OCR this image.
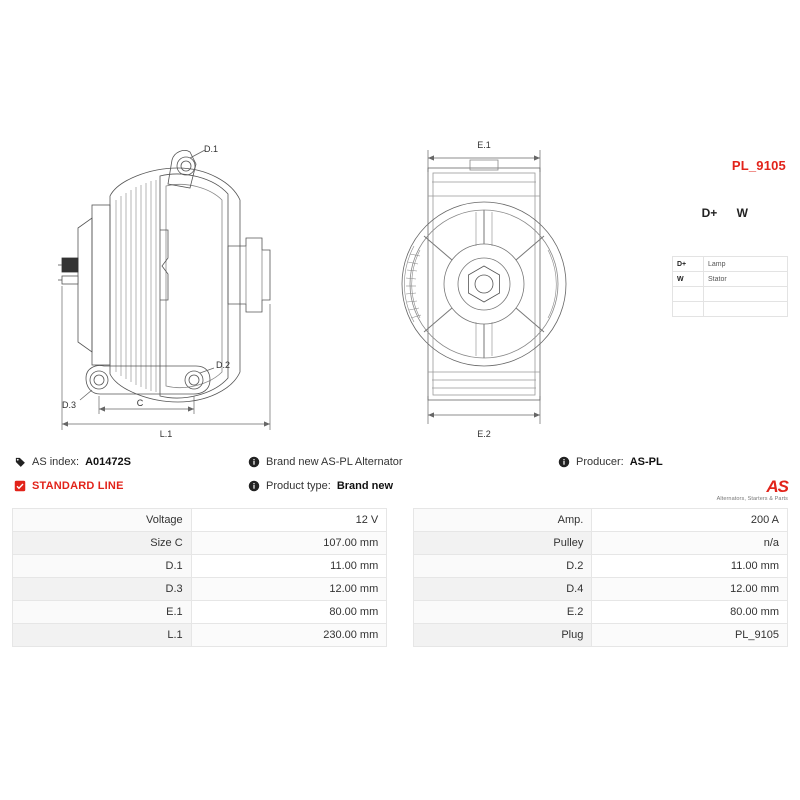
D.1
D.2
D.3	C
L.1
E.1
E.2
PL_9105
D+ W
D+	Lamp
W	Stator

AS
Alternators, Starters & Parts
AS index: A01472S
STANDARD LINE
Brand new AS-PL Alternator
Product type: Brand new
Producer: AS-PL
Voltage	12 V		Amp.	200 A
Size C	107.00 mm		Pulley	n/a
D.1	11.00 mm		D.2	11.00 mm
D.3	12.00 mm		D.4	12.00 mm
E.1	80.00 mm		E.2	80.00 mm
L.1	230.00 mm		Plug	PL_9105
